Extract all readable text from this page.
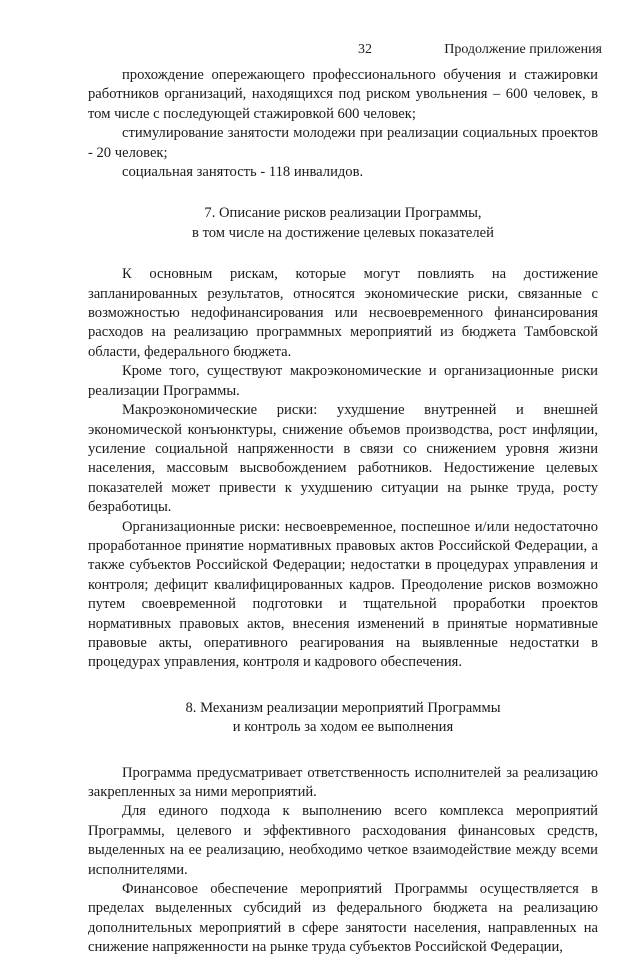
32	Продолжение приложения

прохождение опережающего профессионального обучения и стажировки работников организаций, находящихся под риском увольнения – 600 человек, в том числе с последующей стажировкой 600 человек;

стимулирование занятости молодежи при реализации социальных проектов - 20 человек;

социальная занятость - 118 инвалидов.

7. Описание рисков реализации Программы,
в том числе на достижение целевых показателей

К основным рискам, которые могут повлиять на достижение запланированных результатов, относятся экономические риски, связанные с возможностью недофинансирования или несвоевременного финансирования расходов на реализацию программных мероприятий из бюджета Тамбовской области, федерального бюджета.

Кроме того, существуют макроэкономические и организационные риски реализации Программы.

Макроэкономические риски: ухудшение внутренней и внешней экономической конъюнктуры, снижение объемов производства, рост инфляции, усиление социальной напряженности в связи со снижением уровня жизни населения, массовым высвобождением работников. Недостижение целевых показателей может привести к ухудшению ситуации на рынке труда, росту безработицы.

Организационные риски: несвоевременное, поспешное и/или недостаточно проработанное принятие нормативных правовых актов Российской Федерации, а также субъектов Российской Федерации; недостатки в процедурах управления и контроля; дефицит квалифицированных кадров. Преодоление рисков возможно путем своевременной подготовки и тщательной проработки проектов нормативных правовых актов, внесения изменений в принятые нормативные правовые акты, оперативного реагирования на выявленные недостатки в процедурах управления, контроля и кадрового обеспечения.

8. Механизм реализации мероприятий Программы
и контроль за ходом ее выполнения

Программа предусматривает ответственность исполнителей за реализацию закрепленных за ними мероприятий.

Для единого подхода к выполнению всего комплекса мероприятий Программы, целевого и эффективного расходования финансовых средств, выделенных на ее реализацию, необходимо четкое взаимодействие между всеми исполнителями.

Финансовое обеспечение мероприятий Программы осуществляется в пределах выделенных субсидий из федерального бюджета на реализацию дополнительных мероприятий в сфере занятости населения, направленных на снижение напряженности на рынке труда субъектов Российской Федерации,
